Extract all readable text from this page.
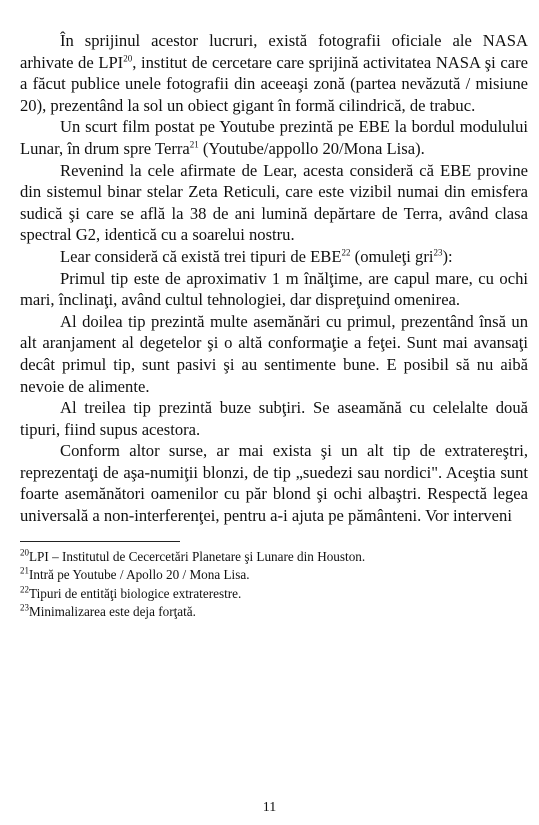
În sprijinul acestor lucruri, există fotografii oficiale ale NASA arhivate de LPI$^{20}$, institut de cercetare care sprijină activitatea NASA şi care a făcut publice unele fotografii din aceeaşi zonă (partea nevăzută / misiune 20), prezentând la sol un obiect gigant în formă cilindrică, de trabuc.

Un scurt film postat pe Youtube prezintă pe EBE la bordul modulului Lunar, în drum spre Terra$^{21}$ (Youtube/appollo 20/Mona Lisa).

Revenind la cele afirmate de Lear, acesta consideră că EBE provine din sistemul binar stelar Zeta Reticuli, care este vizibil numai din emisfera sudică şi care se află la 38 de ani lumină depărtare de Terra, având clasa spectral G2, identică cu a soarelui nostru.

Lear consideră că există trei tipuri de EBE$^{22}$ (omuleţi gri$^{23}$):

Primul tip este de aproximativ 1 m înălţime, are capul mare, cu ochi mari, înclinaţi, având cultul tehnologiei, dar dispreţuind omenirea.

Al doilea tip prezintă multe asemănări cu primul, prezentând însă un alt aranjament al degetelor şi o altă conformaţie a feţei. Sunt mai avansaţi decât primul tip, sunt pasivi şi au sentimente bune. E posibil să nu aibă nevoie de alimente.

Al treilea tip prezintă buze subţiri. Se aseamănă cu celelalte două tipuri, fiind supus acestora.

Conform altor surse, ar mai exista şi un alt tip de extratereştri, reprezentaţi de aşa-numiţii blonzi, de tip „suedezi sau nordici". Aceştia sunt foarte asemănători oamenilor cu păr blond şi ochi albaştri. Respectă legea universală a non-interferenţei, pentru a-i ajuta pe pământeni. Vor interveni

$^{20}$LPI – Institutul de Cecercetări Planetare şi Lunare din Houston.

$^{21}$Intră pe Youtube / Apollo 20 / Mona Lisa.

$^{22}$Tipuri de entităţi biologice extraterestre.

$^{23}$Minimalizarea este deja forţată.

11
